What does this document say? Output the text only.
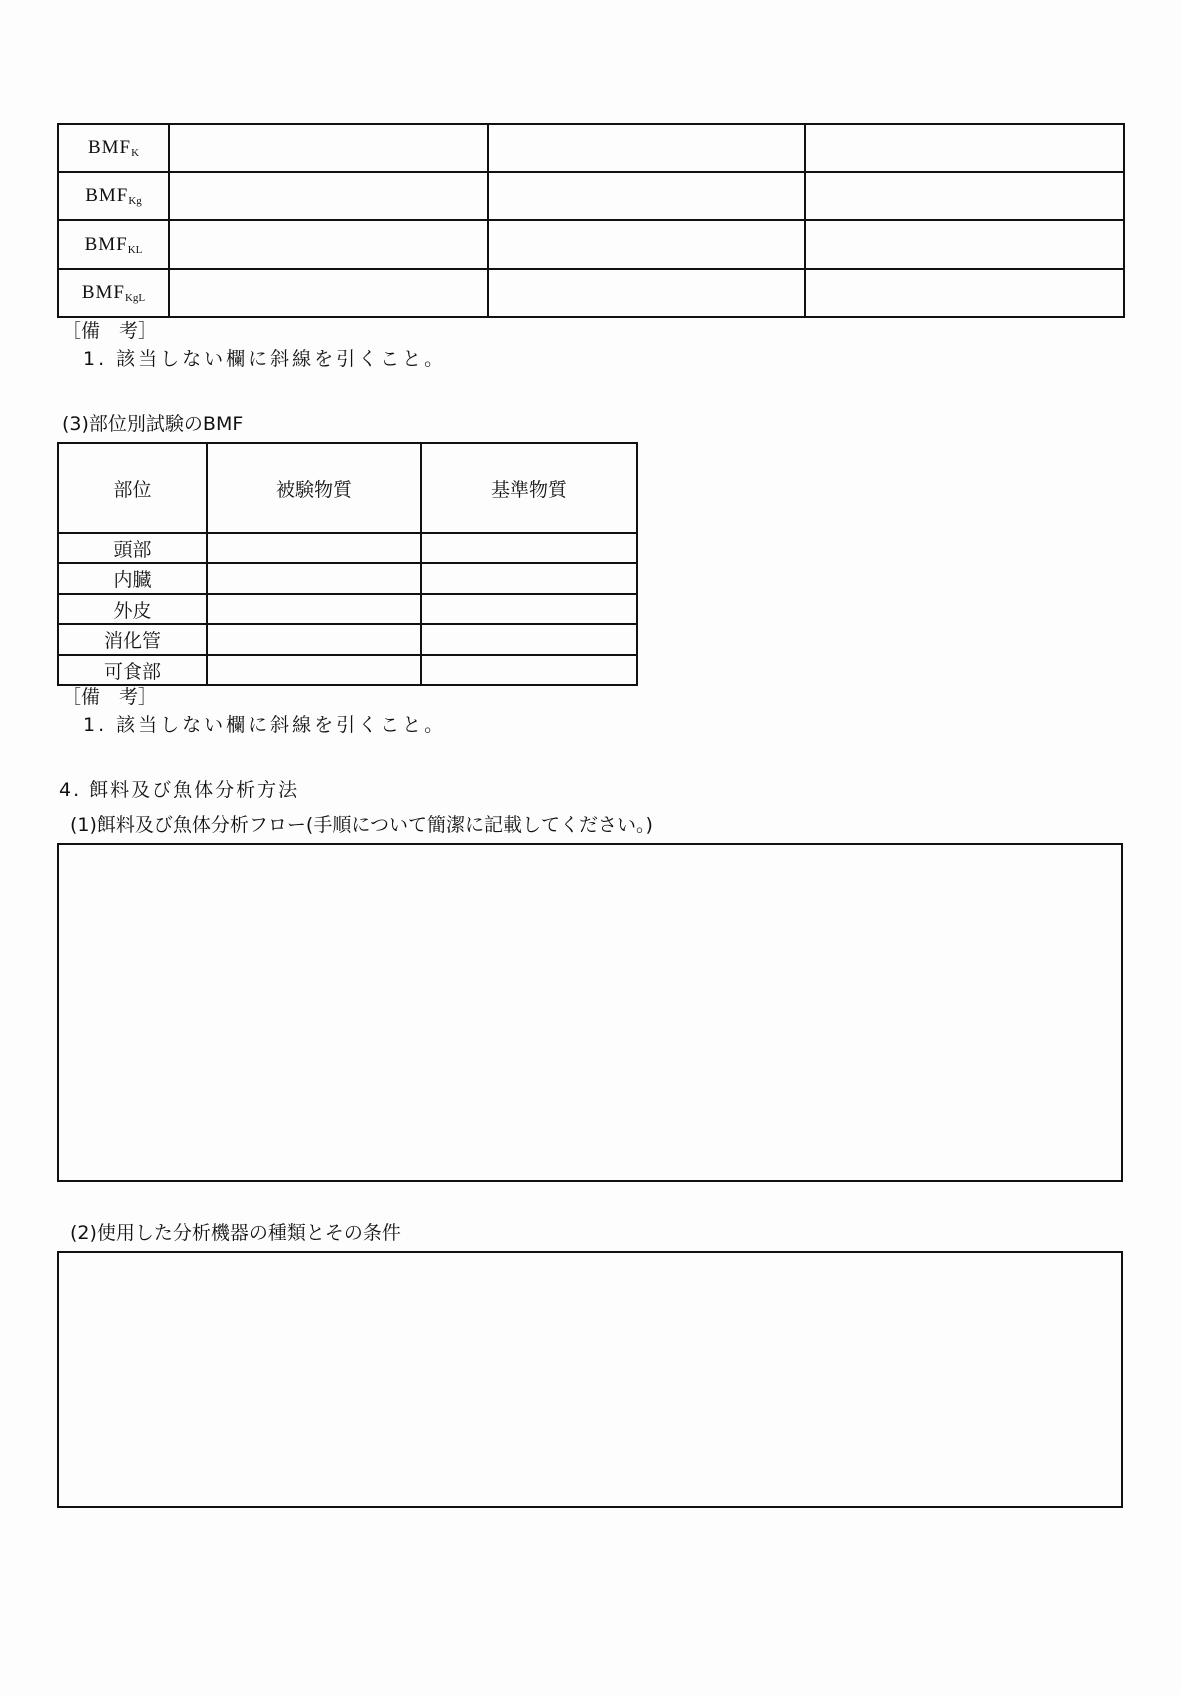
$BMF_K$			
$BMF_{Kg}$			
$BMF_{KL}$			
$BMF_{KgL}$			
［備　考］
1. 該当しない欄に斜線を引くこと。
(3)部位別試験のBMF
部位	被験物質	基準物質
頭部		
内臓		
外皮		
消化管		
可食部		
［備　考］
1. 該当しない欄に斜線を引くこと。
4. 餌料及び魚体分析方法
(1)餌料及び魚体分析フロー(手順について簡潔に記載してください。)
(2)使用した分析機器の種類とその条件
